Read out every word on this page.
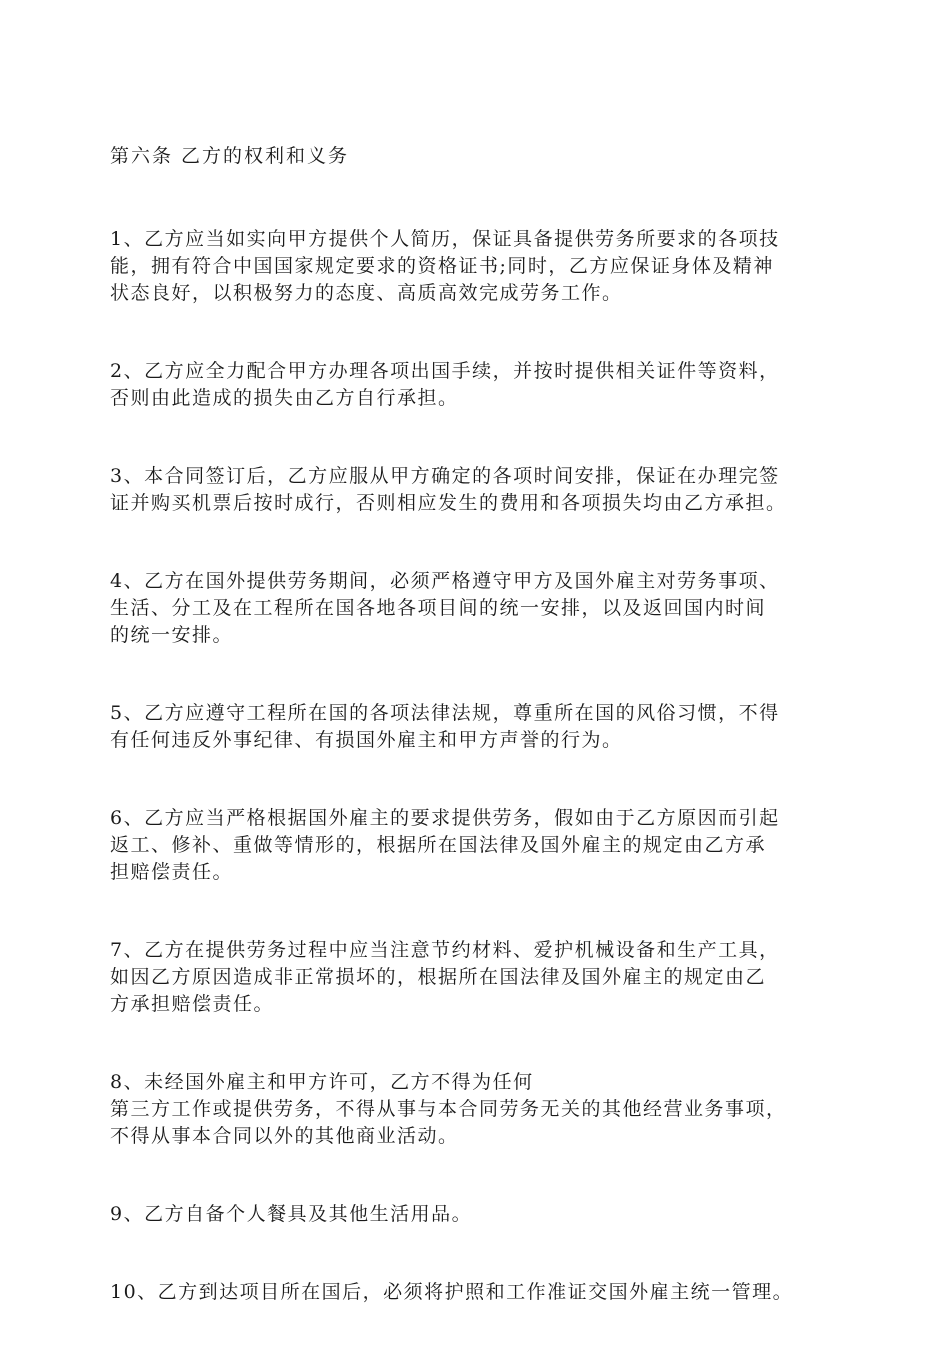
第六条 乙方的权利和义务
1、乙方应当如实向甲方提供个人简历，保证具备提供劳务所要求的各项技
能，拥有符合中国国家规定要求的资格证书;同时，乙方应保证身体及精神
状态良好，以积极努力的态度、高质高效完成劳务工作。
2、乙方应全力配合甲方办理各项出国手续，并按时提供相关证件等资料，
否则由此造成的损失由乙方自行承担。
3、本合同签订后，乙方应服从甲方确定的各项时间安排，保证在办理完签
证并购买机票后按时成行，否则相应发生的费用和各项损失均由乙方承担。
4、乙方在国外提供劳务期间，必须严格遵守甲方及国外雇主对劳务事项、
生活、分工及在工程所在国各地各项目间的统一安排，以及返回国内时间
的统一安排。
5、乙方应遵守工程所在国的各项法律法规，尊重所在国的风俗习惯，不得
有任何违反外事纪律、有损国外雇主和甲方声誉的行为。
6、乙方应当严格根据国外雇主的要求提供劳务，假如由于乙方原因而引起
返工、修补、重做等情形的，根据所在国法律及国外雇主的规定由乙方承
担赔偿责任。
7、乙方在提供劳务过程中应当注意节约材料、爱护机械设备和生产工具，
如因乙方原因造成非正常损坏的，根据所在国法律及国外雇主的规定由乙
方承担赔偿责任。
8、未经国外雇主和甲方许可，乙方不得为任何
第三方工作或提供劳务，不得从事与本合同劳务无关的其他经营业务事项，
不得从事本合同以外的其他商业活动。
9、乙方自备个人餐具及其他生活用品。
10、乙方到达项目所在国后，必须将护照和工作准证交国外雇主统一管理。
